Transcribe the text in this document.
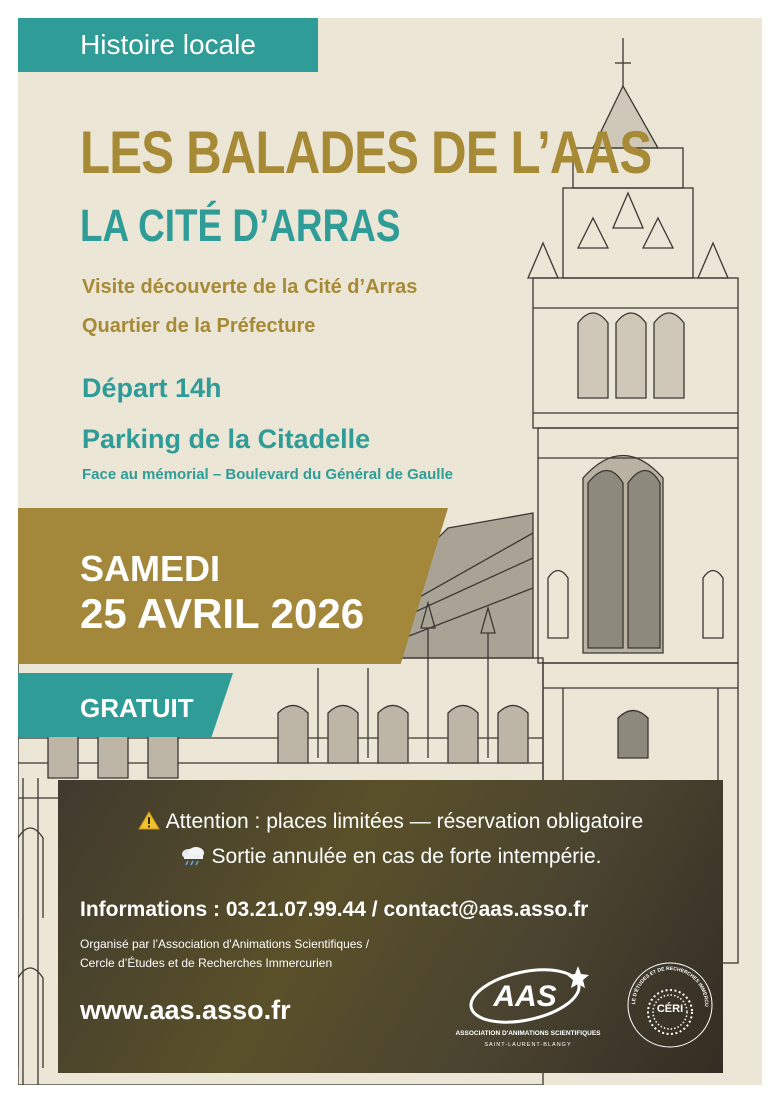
Histoire locale
LES BALADES DE L’AAS
LA CITÉ D’ARRAS
Visite découverte de la Cité d’Arras
Quartier de la Préfecture
Départ 14h
Parking de la Citadelle
Face au mémorial – Boulevard du Général de Gaulle
SAMEDI
25 AVRIL 2026
GRATUIT
Attention : places limitées — réservation obligatoire
Sortie annulée en cas de forte intempérie.
Informations : 03.21.07.99.44 / contact@aas.asso.fr
Organisé par l’Association d'Animations Scientifiques /
Cercle d’Études et de Recherches Immercurien
www.aas.asso.fr	AAS
ASSOCIATION D'ANIMATIONS SCIENTIFIQUES
SAINT-LAURENT-BLANGY
LE D'ÉTUDES ET DE RECHERCHES IMMERCU
CÉRI
